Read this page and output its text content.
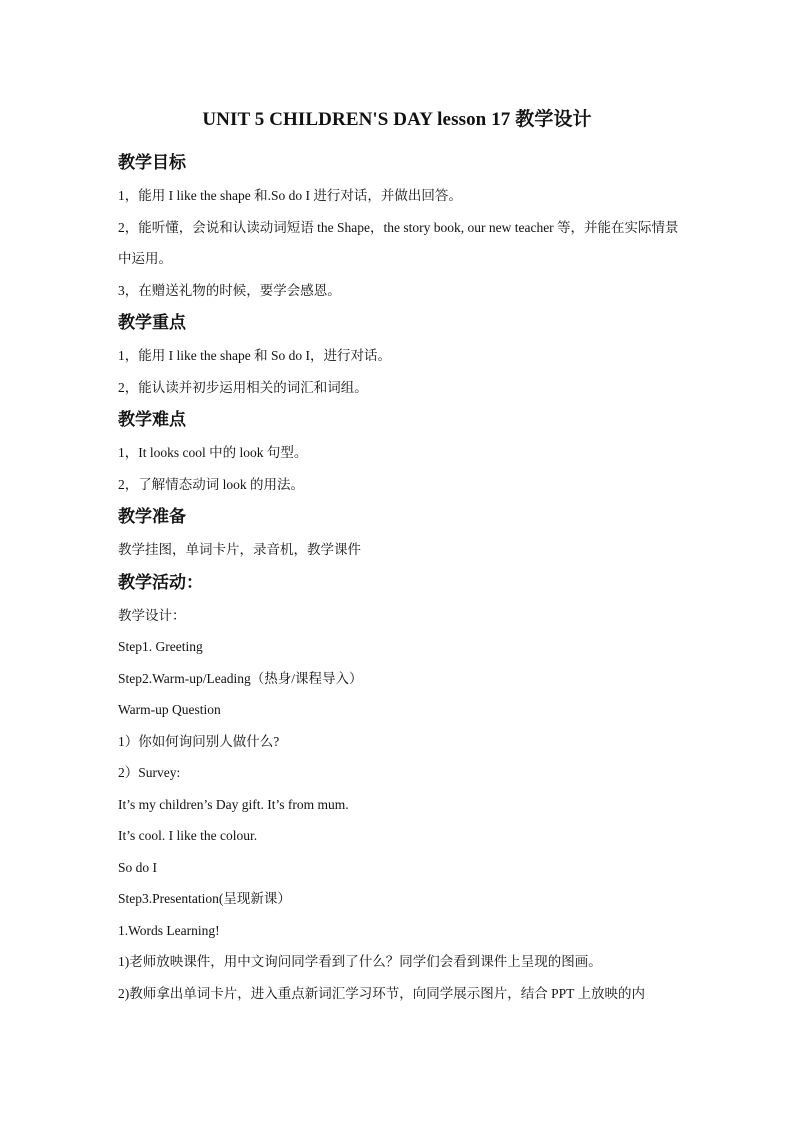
UNIT 5 CHILDREN'S DAY lesson 17 教学设计
教学目标
1，能用 I like the shape 和.So do I 进行对话，并做出回答。
2，能听懂，会说和认读动词短语 the Shape，the story book, our new teacher 等，并能在实际情景中运用。
3，在赠送礼物的时候，要学会感恩。
教学重点
1，能用 I like the shape 和 So do I，进行对话。
2，能认读并初步运用相关的词汇和词组。
教学难点
1，It looks cool 中的 look 句型。
2，了解情态动词 look 的用法。
教学准备
教学挂图，单词卡片，录音机，教学课件
教学活动：
教学设计：
Step1. Greeting
Step2.Warm-up/Leading（热身/课程导入）
Warm-up Question
1）你如何询问别人做什么?
2）Survey:
It’s my children’s Day gift. It’s from mum.
It’s cool. I like the colour.
So do I
Step3.Presentation(呈现新课）
1.Words Learning!
1)老师放映课件，用中文询问同学看到了什么？同学们会看到课件上呈现的图画。
2)教师拿出单词卡片，进入重点新词汇学习环节，向同学展示图片，结合 PPT 上放映的内
